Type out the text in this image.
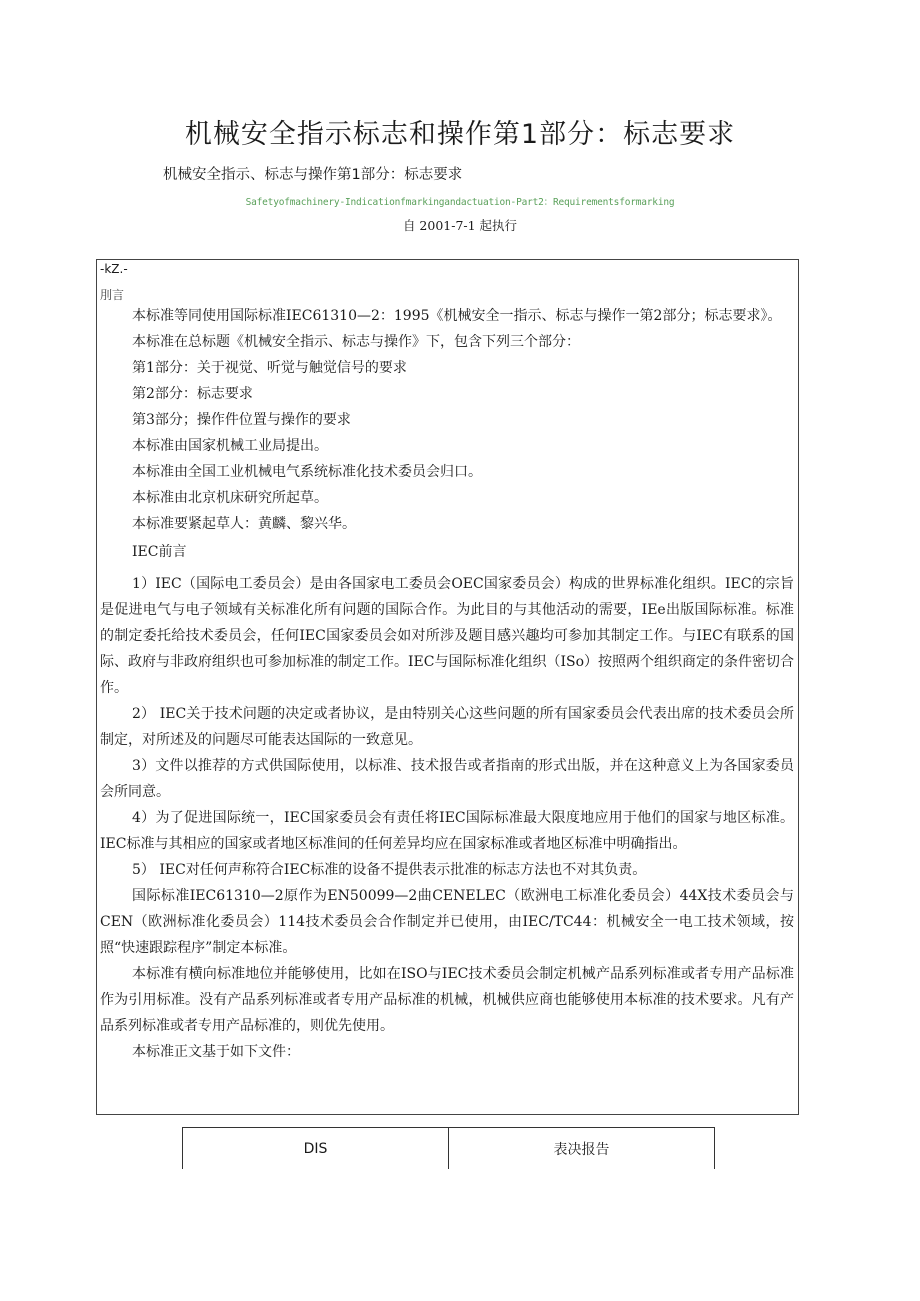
机械安全指示标志和操作第1部分：标志要求
机械安全指示、标志与操作第1部分：标志要求
Safetyofmachinery-Indicationfmarkingandactuation-Part2：Requirementsformarking
自 2001-7-1 起执行
-kZ.-
刖言

本标准等同使用国际标准IEC61310—2：1995《机械安全一指示、标志与操作一第2部分；标志要求》。

本标准在总标题《机械安全指示、标志与操作》下，包含下列三个部分：

第1部分：关于视觉、听觉与触觉信号的要求

第2部分：标志要求

第3部分；操作件位置与操作的要求

本标准由国家机械工业局提出。

本标准由全国工业机械电气系统标准化技术委员会归口。

本标准由北京机床研究所起草。

本标准要紧起草人：黄麟、黎兴华。

IEC前言

1）IEC（国际电工委员会）是由各国家电工委员会OEC国家委员会）构成的世界标准化组织。IEC的宗旨是促进电气与电子领域有关标准化所有问题的国际合作。为此目的与其他活动的需要，IEe出版国际标准。标准的制定委托给技术委员会，任何IEC国家委员会如对所涉及题目感兴趣均可参加其制定工作。与IEC有联系的国际、政府与非政府组织也可参加标准的制定工作。IEC与国际标准化组织（ISo）按照两个组织商定的条件密切合作。

2） IEC关于技术问题的决定或者协议，是由特别关心这些问题的所有国家委员会代表出席的技术委员会所制定，对所述及的问题尽可能表达国际的一致意见。

3）文件以推荐的方式供国际使用，以标准、技术报告或者指南的形式出版，并在这种意义上为各国家委员会所同意。

4）为了促进国际统一，IEC国家委员会有责任将IEC国际标准最大限度地应用于他们的国家与地区标准。IEC标准与其相应的国家或者地区标准间的任何差异均应在国家标准或者地区标准中明确指出。

5） IEC对任何声称符合IEC标准的设备不提供表示批准的标志方法也不对其负责。

国际标准IEC61310—2原作为EN50099—2曲CENELEC（欧洲电工标准化委员会）44X技术委员会与CEN（欧洲标准化委员会）114技术委员会合作制定并已使用，由IEC/TC44：机械安全一电工技术领域，按照“快速跟踪程序”制定本标准。

本标准有横向标准地位并能够使用，比如在ISO与IEC技术委员会制定机械产品系列标准或者专用产品标准作为引用标准。没有产品系列标准或者专用产品标准的机械，机械供应商也能够使用本标准的技术要求。凡有产品系列标准或者专用产品标准的，则优先使用。

本标准正文基于如下文件：

DIS	表决报告
